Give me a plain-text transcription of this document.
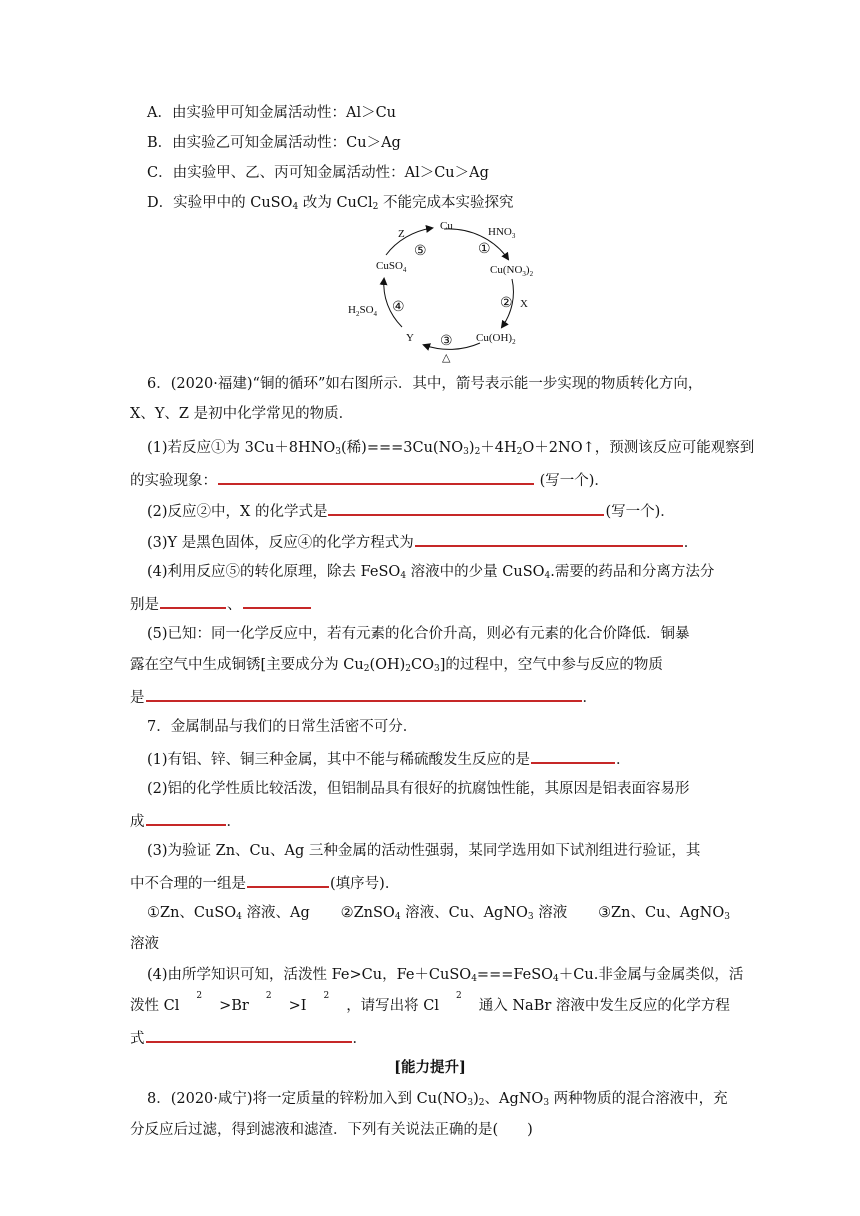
A．由实验甲可知金属活动性：Al＞Cu
B．由实验乙可知金属活动性：Cu＞Ag
C．由实验甲、乙、丙可知金属活动性：Al＞Cu＞Ag
D．实验甲中的 CuSO$_4$ 改为 CuCl$_2$ 不能完成本实验探究
Z
Cu	$HNO_3$
⑤	①
CuSO$_4$	$Cu(NO_3)_2$
$H_2SO_4$ ④	② X
Y ③ $Cu(OH)_2$
△
6．(2020·福建)“铜的循环”如右图所示．其中，箭号表示能一步实现的物质转化方向，
X、Y、Z 是初中化学常见的物质．
(1)若反应①为 $3Cu+8HNO_3$(稀)$===3Cu(NO_3)_2+4H_2O+2NO↑$，预测该反应可能观察到
的实验现象：	(写一个)．
(2)反应②中，X 的化学式是	(写一个)．
(3)Y 是黑色固体，反应④的化学方程式为	．
(4)利用反应⑤的转化原理，除去 FeSO$_4$ 溶液中的少量 CuSO$_4$.需要的药品和分离方法分
别是	、
(5)已知：同一化学反应中，若有元素的化合价升高，则必有元素的化合价降低．铜暴
露在空气中生成铜锈[主要成分为 $Cu_2(OH)_2CO_3$]的过程中，空气中参与反应的物质
是	．
7．金属制品与我们的日常生活密不可分．
(1)有铝、锌、铜三种金属，其中不能与稀硫酸发生反应的是	．
(2)铝的化学性质比较活泼，但铝制品具有很好的抗腐蚀性能，其原因是铝表面容易形
成	．
(3)为验证 Zn、Cu、Ag 三种金属的活动性强弱，某同学选用如下试剂组进行验证，其
中不合理的一组是	(填序号)．
①Zn、CuSO$_4$ 溶液、Ag ②ZnSO$_4$ 溶液、Cu、AgNO$_3$ 溶液 ③Zn、Cu、AgNO$_3$
溶液
(4)由所学知识可知，活泼性 Fe>Cu，Fe＋CuSO$_4$===FeSO$_4$＋Cu.非金属与金属类似，活
泼性 Cl
2
>Br
2
>I
2
，请写出将 Cl
2
通入 NaBr 溶液中发生反应的化学方程
式	．
[能力提升]
8．(2020·咸宁)将一定质量的锌粉加入到 $Cu(NO_3)_2$、AgNO$_3$ 两种物质的混合溶液中，充
分反应后过滤，得到滤液和滤渣．下列有关说法正确的是(　　)
